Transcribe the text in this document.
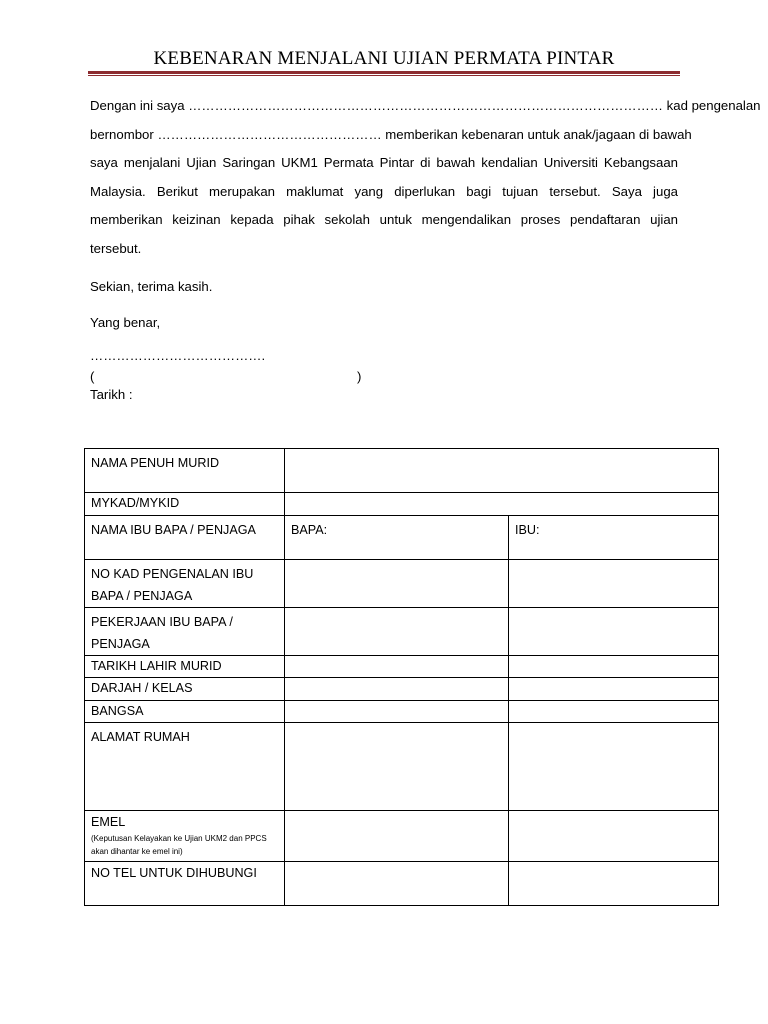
KEBENARAN MENJALANI UJIAN PERMATA PINTAR
Dengan ini saya ……………………………………………………………………………………………… kad pengenalan
bernombor …………………………………………… memberikan kebenaran untuk anak/jagaan di bawah
saya menjalani Ujian Saringan UKM1 Permata Pintar di bawah kendalian Universiti Kebangsaan
Malaysia. Berikut merupakan maklumat yang diperlukan bagi tujuan tersebut. Saya juga
memberikan keizinan kepada pihak sekolah untuk mengendalikan proses pendaftaran ujian
tersebut.
Sekian, terima kasih.
Yang benar,
………………………………….
(	)
Tarikh :
NAMA PENUH MURID		
MYKAD/MYKID		
NAMA IBU BAPA / PENJAGA	BAPA:	IBU:
NO KAD PENGENALAN IBU BAPA / PENJAGA		
PEKERJAAN IBU BAPA / PENJAGA		
TARIKH LAHIR MURID		
DARJAH / KELAS		
BANGSA		
ALAMAT RUMAH		

EMEL
(Keputusan Kelayakan ke Ujian UKM2 dan PPCS akan dihantar ke emel ini)		

NO TEL UNTUK DIHUBUNGI		
